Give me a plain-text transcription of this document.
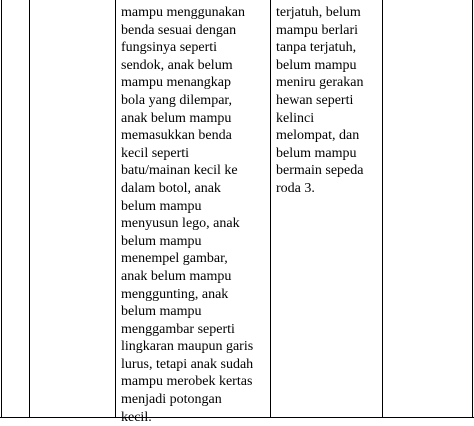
mampu menggunakan
benda sesuai dengan
fungsinya seperti
sendok, anak belum
mampu menangkap
bola yang dilempar,
anak belum mampu
memasukkan benda
kecil seperti
batu/mainan kecil ke
dalam botol, anak
belum mampu
menyusun lego, anak
belum mampu
menempel gambar,
anak belum mampu
menggunting, anak
belum mampu
menggambar seperti
lingkaran maupun garis
lurus, tetapi anak sudah
mampu merobek kertas
menjadi potongan
kecil.
terjatuh, belum
mampu berlari
tanpa terjatuh,
belum mampu
meniru gerakan
hewan seperti
kelinci
melompat, dan
belum mampu
bermain sepeda
roda 3.
